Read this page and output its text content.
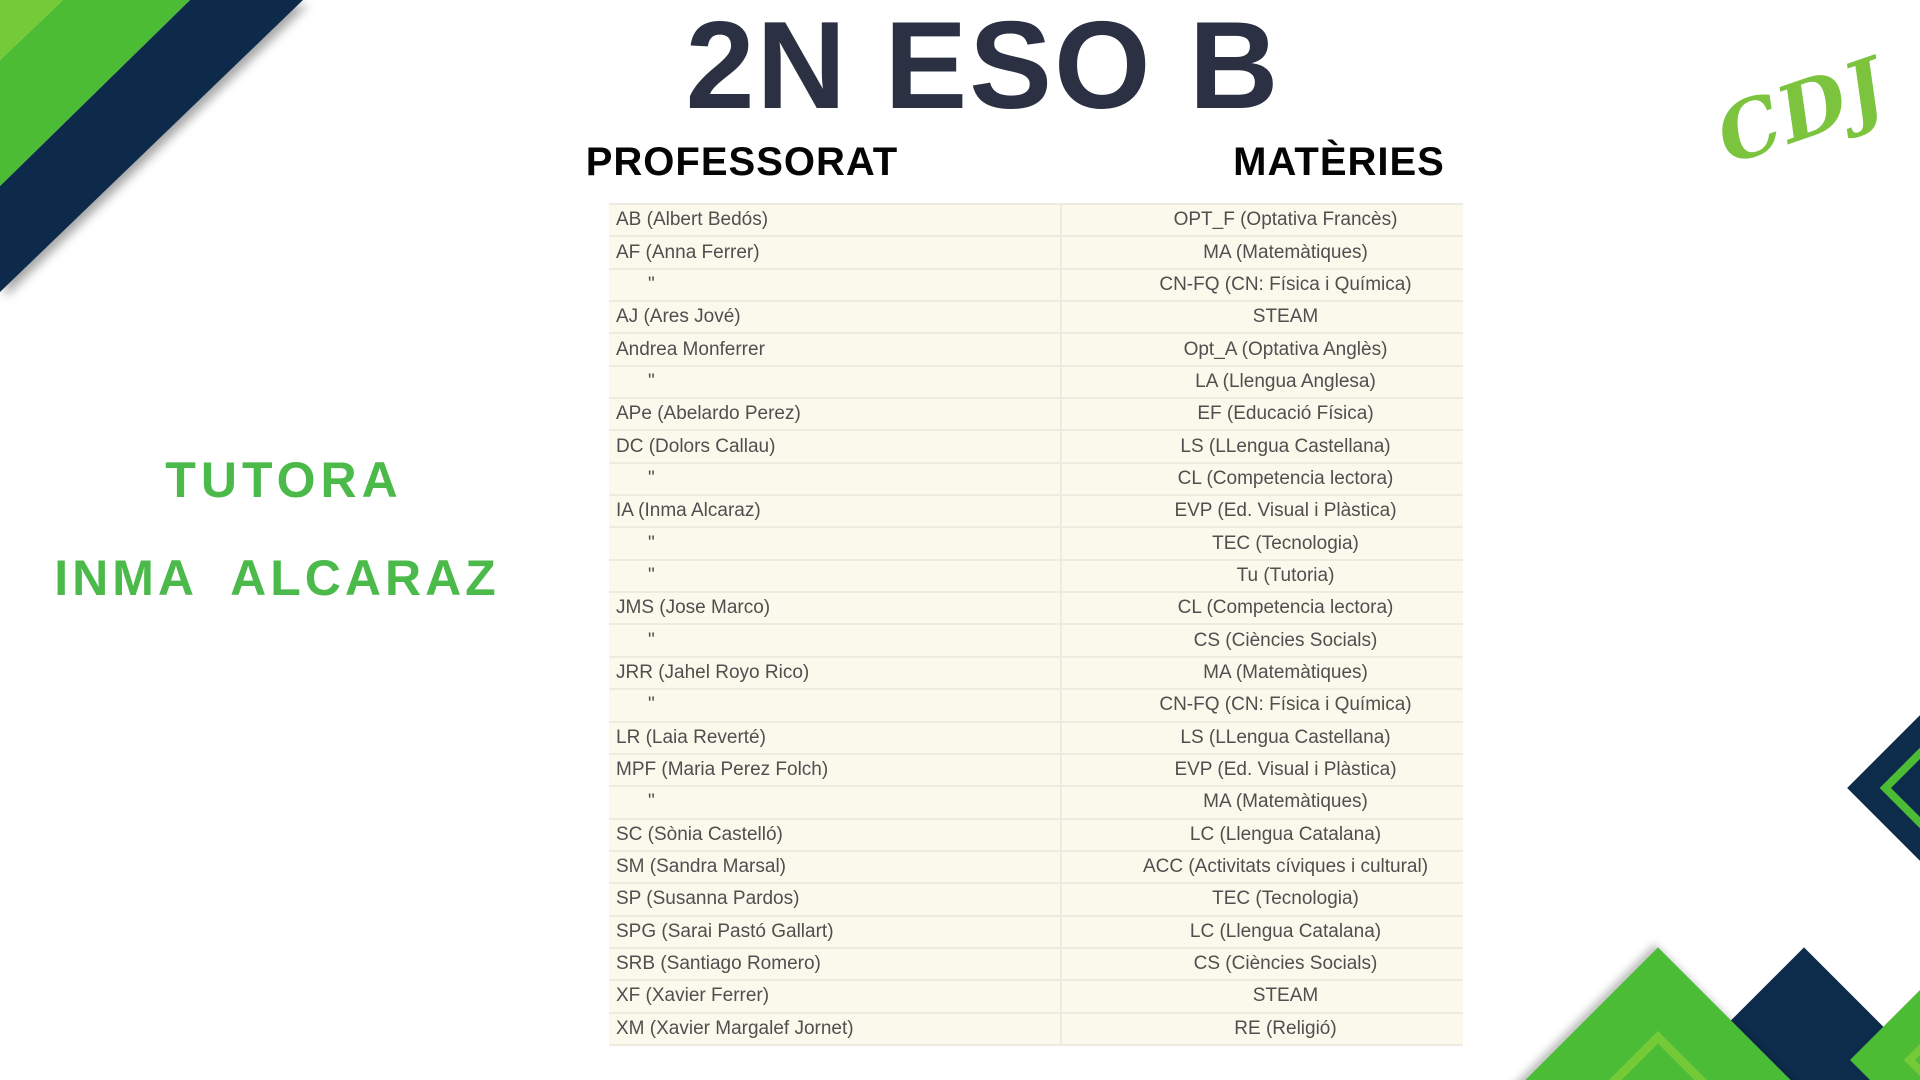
CDJ
2N ESO B
PROFESSORAT	MATÈRIES
TUTORA
INMA  ALCARAZ
AB (Albert Bedós)	OPT_F (Optativa Francès)
AF (Anna Ferrer)	MA (Matemàtiques)
"	CN-FQ (CN: Física i Química)
AJ (Ares Jové)	STEAM
Andrea Monferrer	Opt_A (Optativa Anglès)
"	LA (Llengua Anglesa)
APe (Abelardo Perez)	EF (Educació Física)
DC (Dolors Callau)	LS (LLengua Castellana)
"	CL (Competencia lectora)
IA (Inma Alcaraz)	EVP (Ed. Visual i Plàstica)
"	TEC (Tecnologia)
"	Tu (Tutoria)
JMS (Jose Marco)	CL (Competencia lectora)
"	CS (Ciències Socials)
JRR (Jahel Royo Rico)	MA (Matemàtiques)
"	CN-FQ (CN: Física i Química)
LR (Laia Reverté)	LS (LLengua Castellana)
MPF (Maria Perez Folch)	EVP (Ed. Visual i Plàstica)
"	MA (Matemàtiques)
SC (Sònia Castelló)	LC (Llengua Catalana)
SM (Sandra Marsal)	ACC (Activitats cíviques i cultural)
SP (Susanna Pardos)	TEC (Tecnologia)
SPG (Sarai Pastó Gallart)	LC (Llengua Catalana)
SRB (Santiago Romero)	CS (Ciències Socials)
XF (Xavier Ferrer)	STEAM
XM (Xavier Margalef Jornet)	RE (Religió)
